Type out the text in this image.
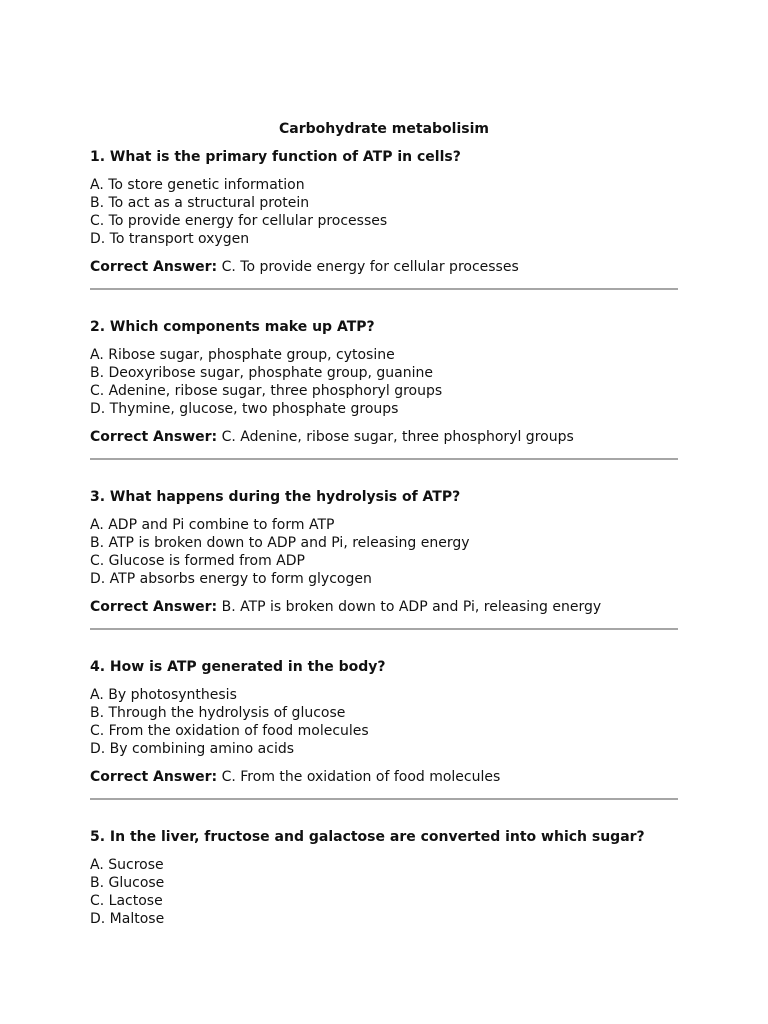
Carbohydrate metabolisim

1. What is the primary function of ATP in cells?

A. To store genetic information
B. To act as a structural protein
C. To provide energy for cellular processes
D. To transport oxygen

Correct Answer: C. To provide energy for cellular processes

2. Which components make up ATP?

A. Ribose sugar, phosphate group, cytosine
B. Deoxyribose sugar, phosphate group, guanine
C. Adenine, ribose sugar, three phosphoryl groups
D. Thymine, glucose, two phosphate groups

Correct Answer: C. Adenine, ribose sugar, three phosphoryl groups

3. What happens during the hydrolysis of ATP?

A. ADP and Pi combine to form ATP
B. ATP is broken down to ADP and Pi, releasing energy
C. Glucose is formed from ADP
D. ATP absorbs energy to form glycogen

Correct Answer: B. ATP is broken down to ADP and Pi, releasing energy

4. How is ATP generated in the body?

A. By photosynthesis
B. Through the hydrolysis of glucose
C. From the oxidation of food molecules
D. By combining amino acids

Correct Answer: C. From the oxidation of food molecules

5. In the liver, fructose and galactose are converted into which sugar?

A. Sucrose
B. Glucose
C. Lactose
D. Maltose
